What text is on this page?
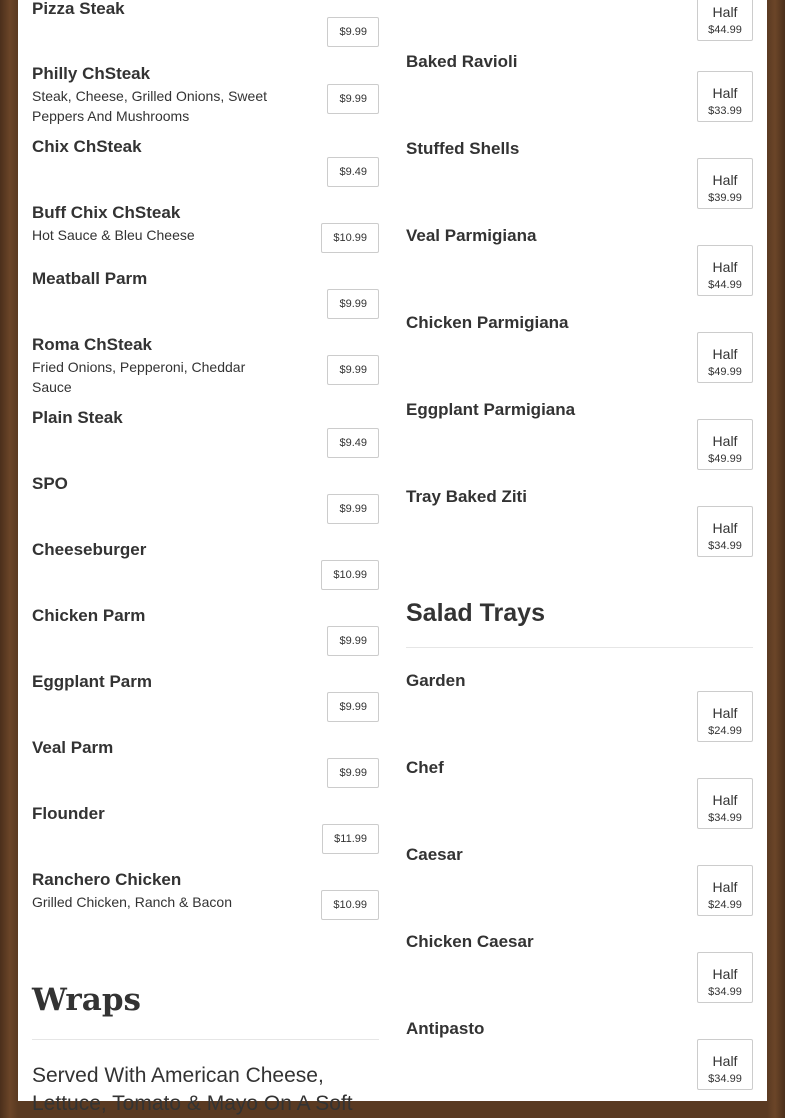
Pizza Steak
$9.99
Philly ChSteak
Steak, Cheese, Grilled Onions, Sweet Peppers And Mushrooms
$9.99
Chix ChSteak
$9.49
Buff Chix ChSteak
Hot Sauce & Bleu Cheese	$10.99
Meatball Parm
$9.99
Roma ChSteak
Fried Onions, Pepperoni, Cheddar Sauce
$9.99
Plain Steak
$9.49
SPO
$9.99
Cheeseburger
$10.99
Chicken Parm
$9.99
Eggplant Parm
$9.99
Veal Parm
$9.99
Flounder
$11.99
Ranchero Chicken
Grilled Chicken, Ranch & Bacon	$10.99
Wraps
Served With American Cheese, Lettuce, Tomato & Mayo On A Soft
Half
$44.99
Baked Ravioli
Half
$33.99
Stuffed Shells
Half
$39.99
Veal Parmigiana
Half
$44.99
Chicken Parmigiana
Half
$49.99
Eggplant Parmigiana
Half
$49.99
Tray Baked Ziti
Half
$34.99
Salad Trays
Garden
Half
$24.99
Chef
Half
$34.99
Caesar
Half
$24.99
Chicken Caesar
Half
$34.99
Antipasto
Half
$34.99
